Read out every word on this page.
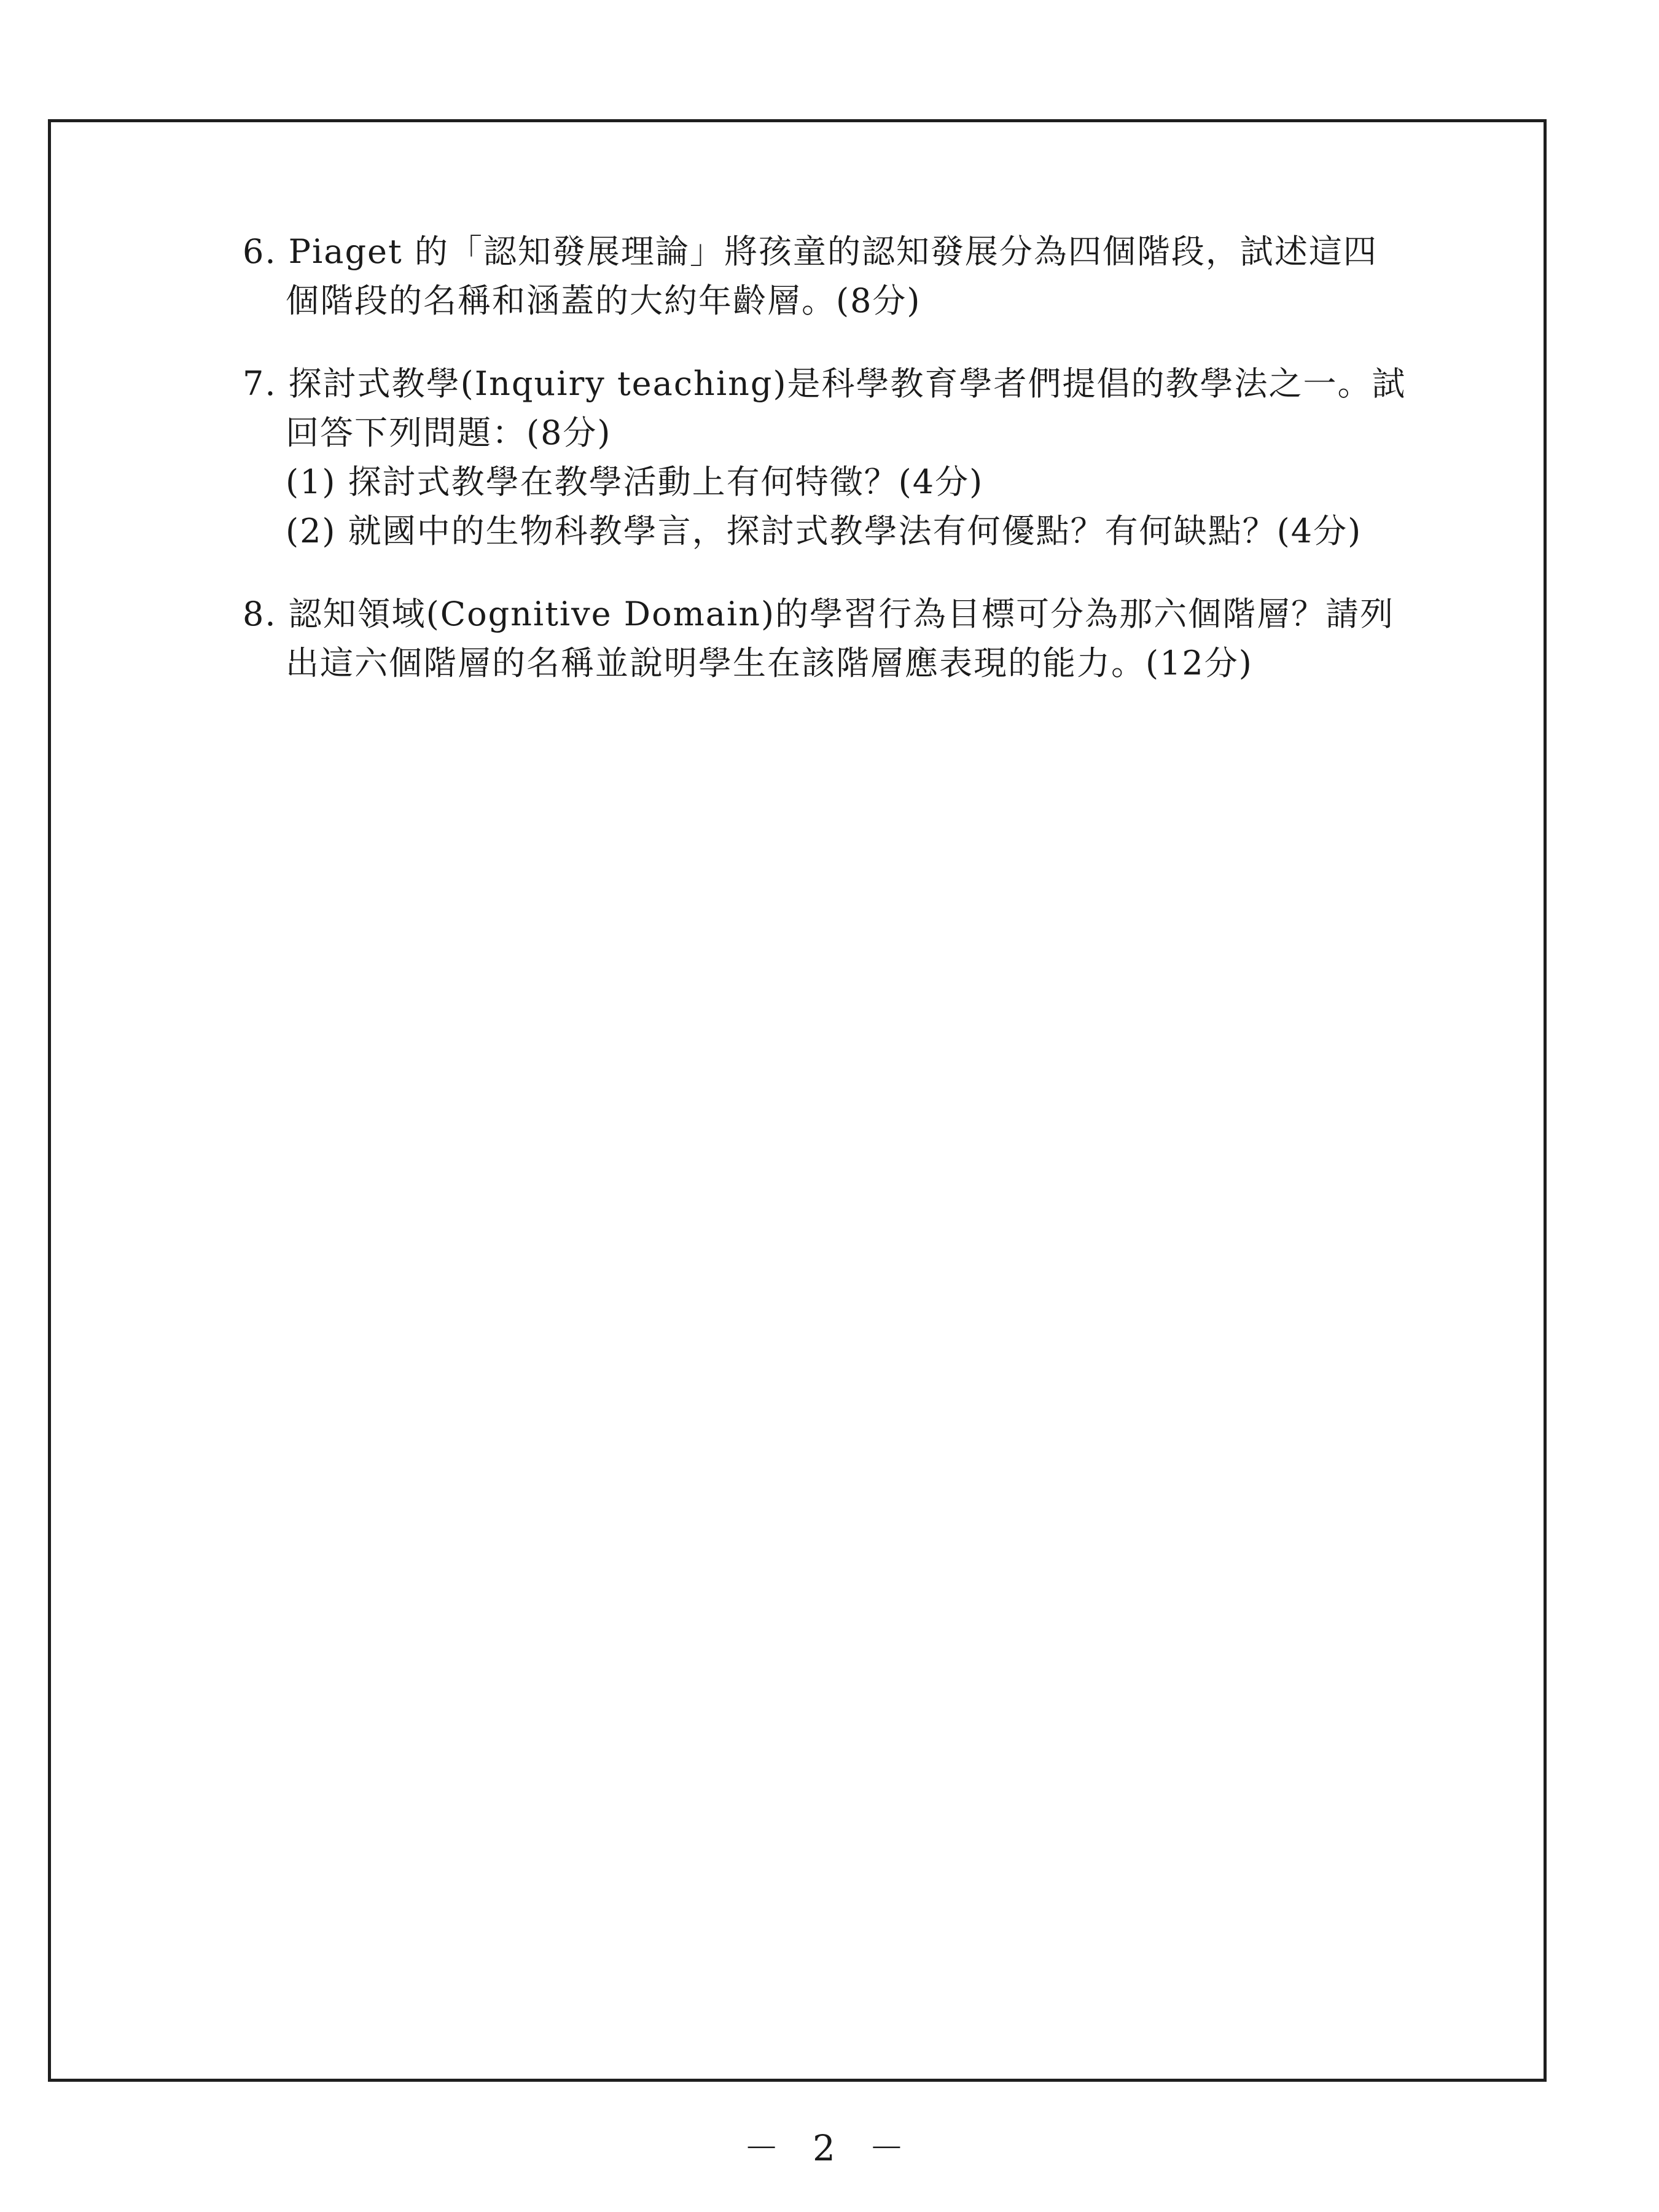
6. Piaget 的「認知發展理論」將孩童的認知發展分為四個階段，試述這四
個階段的名稱和涵蓋的大約年齡層。(8分)
7. 探討式教學(Inquiry teaching)是科學教育學者們提倡的教學法之一。試
回答下列問題：(8分)
(1) 探討式教學在教學活動上有何特徵？(4分)
(2) 就國中的生物科教學言，探討式教學法有何優點？有何缺點？(4分)
8. 認知領域(Cognitive Domain)的學習行為目標可分為那六個階層？請列
出這六個階層的名稱並說明學生在該階層應表現的能力。(12分)
－ 2 －
